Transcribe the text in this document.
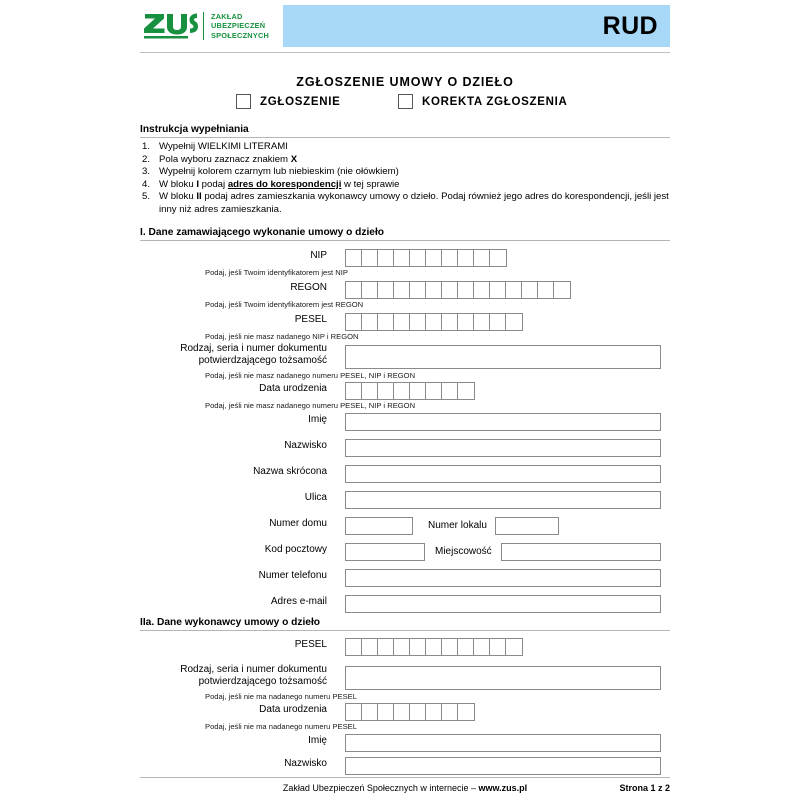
ZAKŁAD
UBEZPIECZEŃ
SPOŁECZNYCH	RUD
ZGŁOSZENIE UMOWY O DZIEŁO
ZGŁOSZENIE	KOREKTA ZGŁOSZENIA
Instrukcja wypełniania
1. Wypełnij WIELKIMI LITERAMI
2. Pola wyboru zaznacz znakiem X
3. Wypełnij kolorem czarnym lub niebieskim (nie ołówkiem)
4. W bloku I podaj adres do korespondencji w tej sprawie
5. W bloku II podaj adres zamieszkania wykonawcy umowy o dzieło. Podaj również jego adres do korespondencji, jeśli jest inny niż adres zamieszkania.
I. Dane zamawiającego wykonanie umowy o dzieło
NIP
Podaj, jeśli Twoim identyfikatorem jest NIP
REGON
Podaj, jeśli Twoim identyfikatorem jest REGON
PESEL
Podaj, jeśli nie masz nadanego NIP i REGON
Rodzaj, seria i numer dokumentu
potwierdzającego tożsamość
Podaj, jeśli nie masz nadanego numeru PESEL, NIP i REGON
Data urodzenia
Podaj, jeśli nie masz nadanego numeru PESEL, NIP i REGON
Imię
Nazwisko
Nazwa skrócona
Ulica
Numer domu	Numer lokalu
Kod pocztowy	Miejscowość
Numer telefonu
Adres e-mail
IIa. Dane wykonawcy umowy o dzieło
PESEL
Rodzaj, seria i numer dokumentu
potwierdzającego tożsamość
Podaj, jeśli nie ma nadanego numeru PESEL
Data urodzenia
Podaj, jeśli nie ma nadanego numeru PESEL
Imię
Nazwisko
Zakład Ubezpieczeń Społecznych w internecie – www.zus.pl	Strona 1 z 2
